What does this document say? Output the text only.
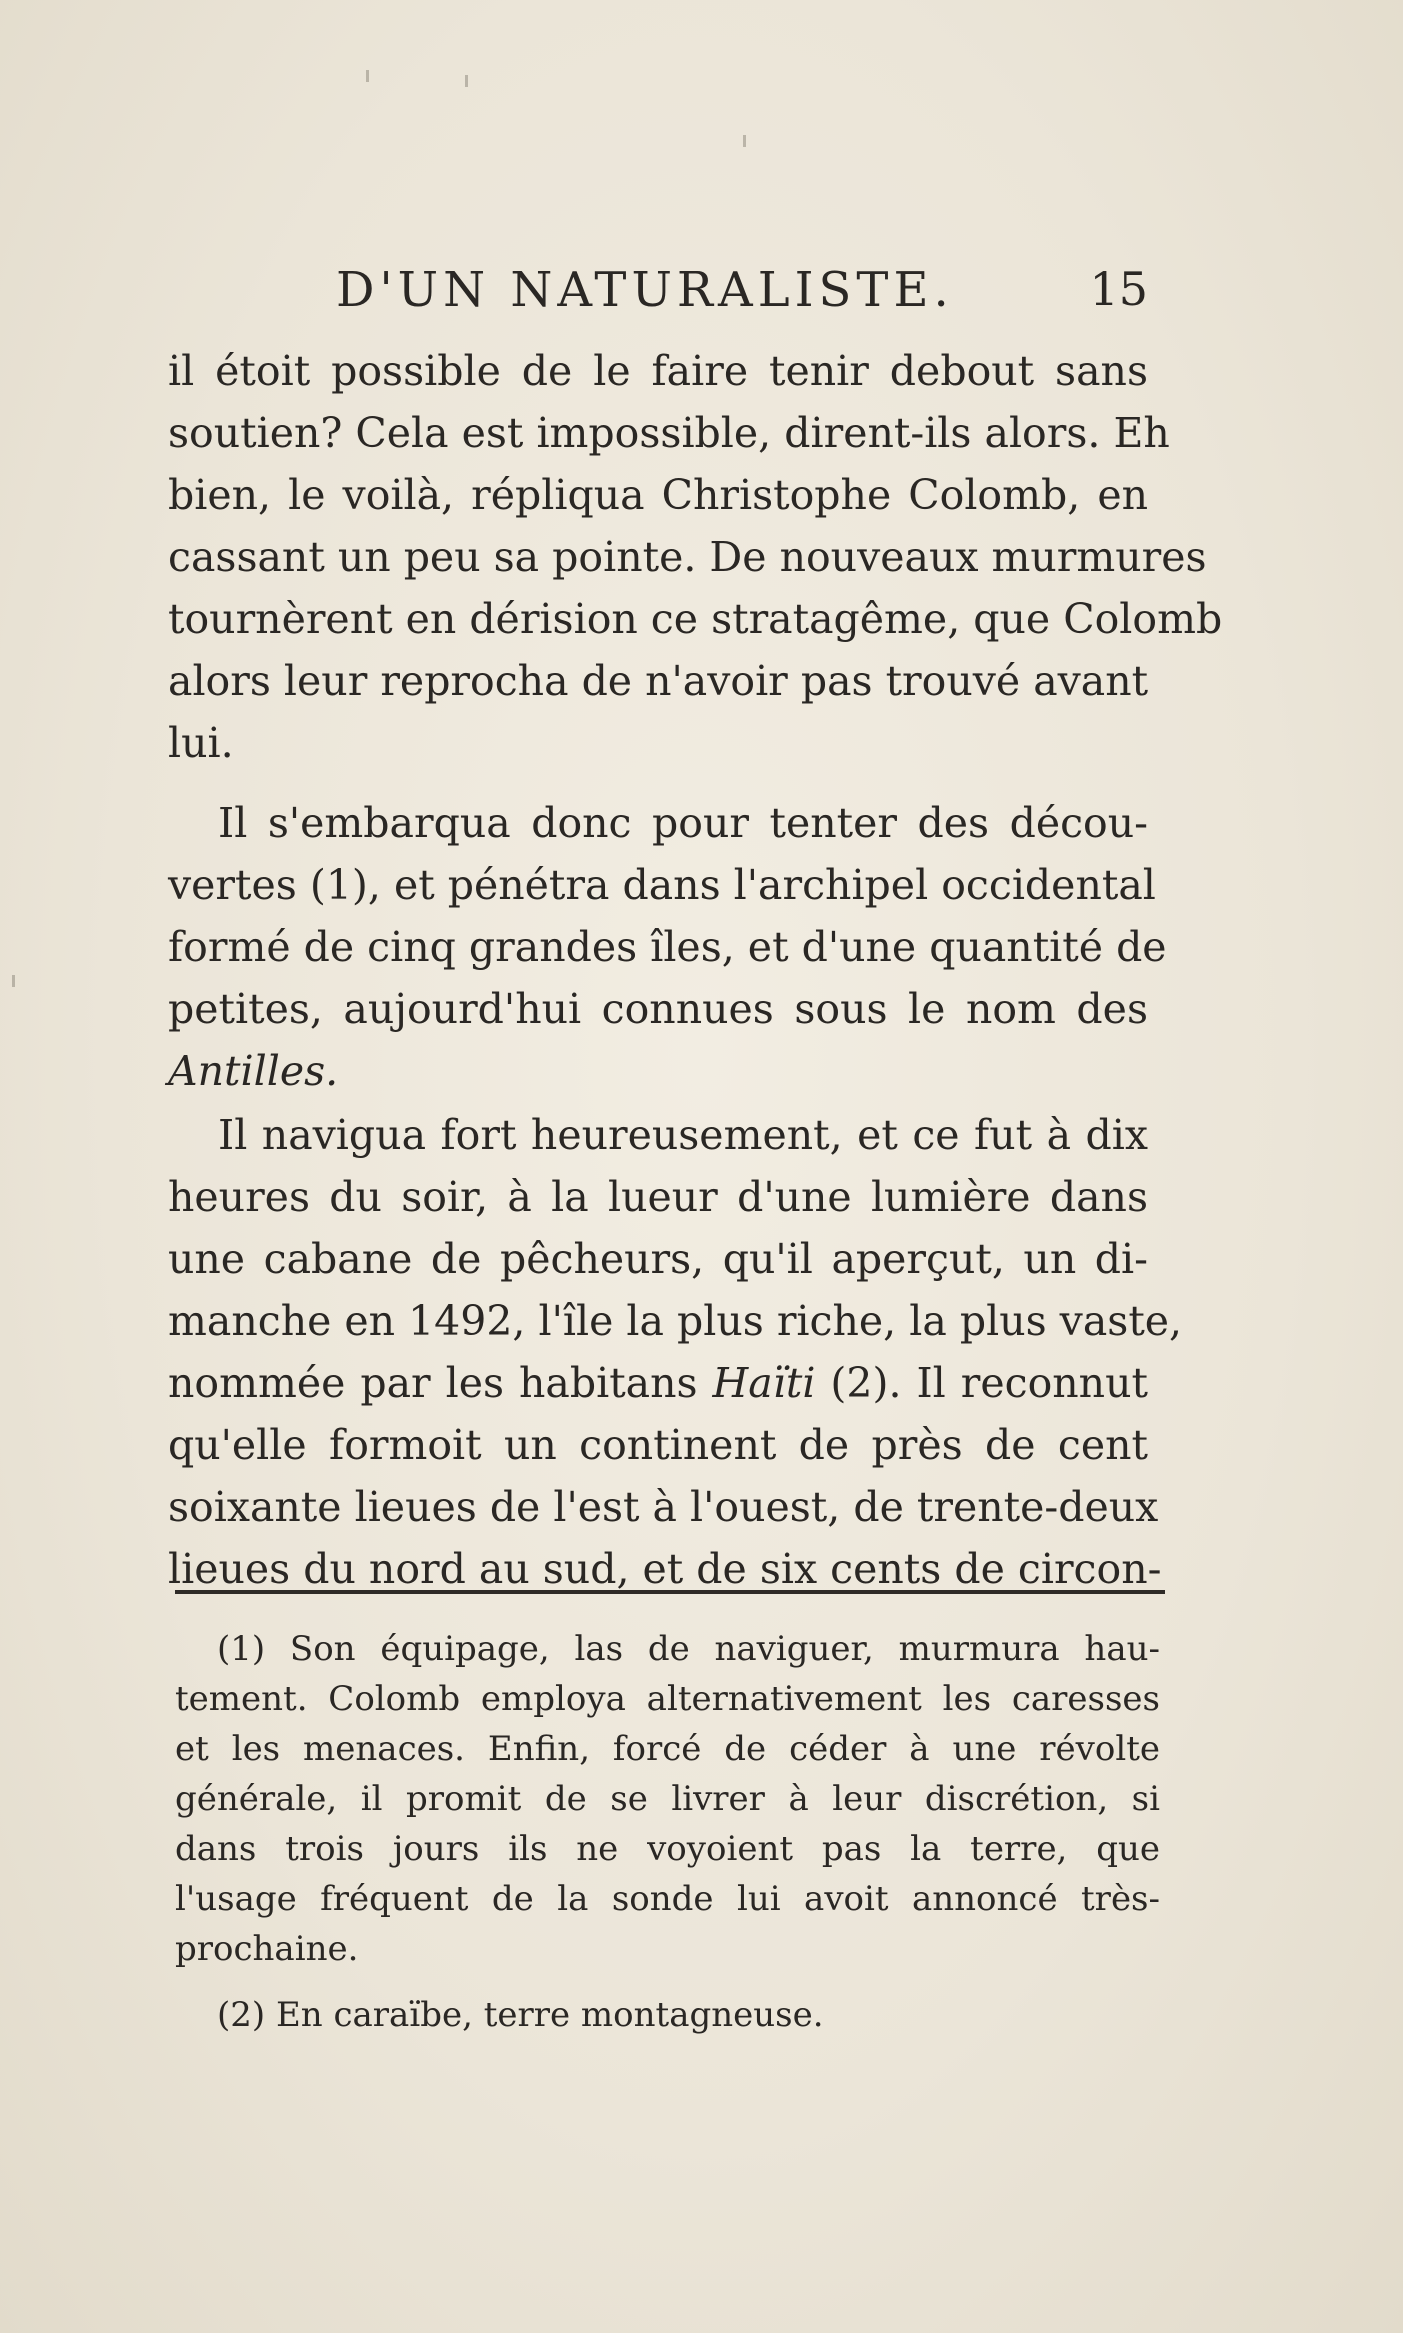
D'UN NATURALISTE.	15
il étoit possible de le faire tenir debout sans
soutien? Cela est impossible, dirent-ils alors. Eh
bien, le voilà, répliqua Christophe Colomb, en
cassant un peu sa pointe. De nouveaux murmures
tournèrent en dérision ce stratagême, que Colomb
alors leur reprocha de n'avoir pas trouvé avant
lui.
Il s'embarqua donc pour tenter des décou-
vertes (1), et pénétra dans l'archipel occidental
formé de cinq grandes îles, et d'une quantité de
petites, aujourd'hui connues sous le nom des
Antilles.
Il navigua fort heureusement, et ce fut à dix
heures du soir, à la lueur d'une lumière dans
une cabane de pêcheurs, qu'il aperçut, un di-
manche en 1492, l'île la plus riche, la plus vaste,
nommée par les habitans Haïti (2). Il reconnut
qu'elle formoit un continent de près de cent
soixante lieues de l'est à l'ouest, de trente-deux
lieues du nord au sud, et de six cents de circon-
(1) Son équipage, las de naviguer, murmura hau-
tement. Colomb employa alternativement les caresses
et les menaces. Enfin, forcé de céder à une révolte
générale, il promit de se livrer à leur discrétion, si
dans trois jours ils ne voyoient pas la terre, que
l'usage fréquent de la sonde lui avoit annoncé très-
prochaine.
(2) En caraïbe, terre montagneuse.
